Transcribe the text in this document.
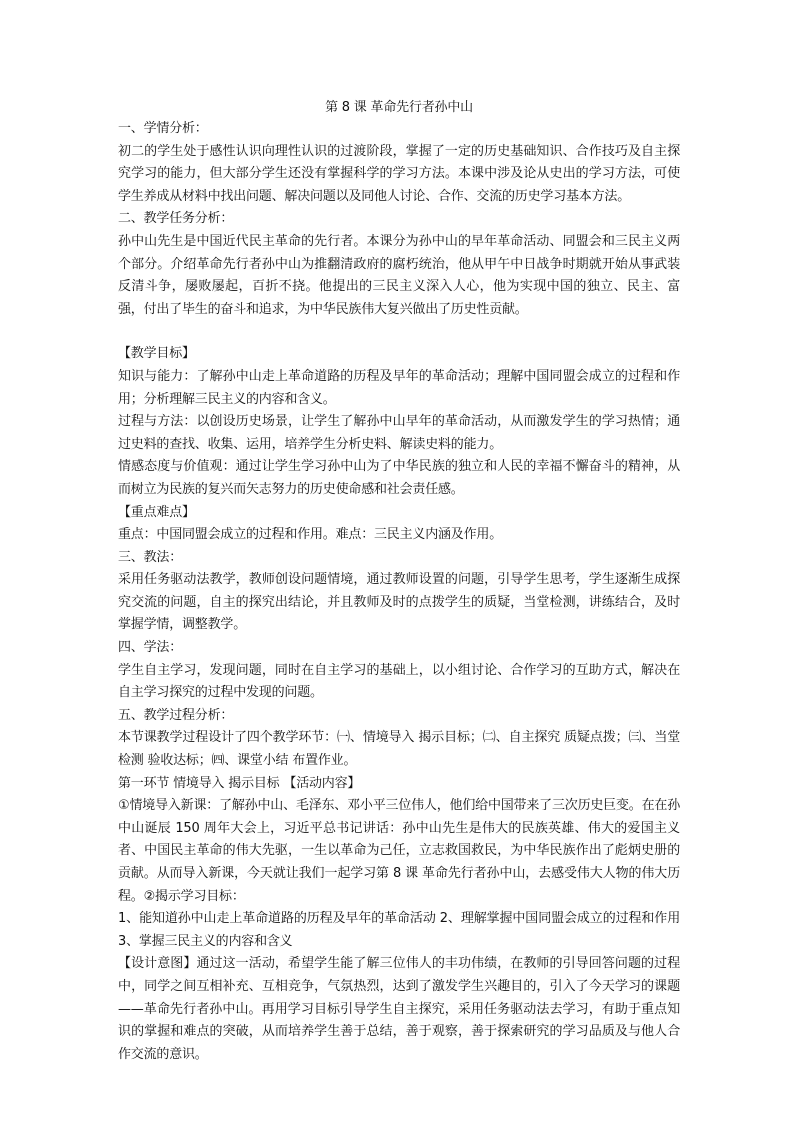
第 8 课 革命先行者孙中山

一、学情分析：

初二的学生处于感性认识向理性认识的过渡阶段，掌握了一定的历史基础知识、合作技巧及自主探究学习的能力，但大部分学生还没有掌握科学的学习方法。本课中涉及论从史出的学习方法，可使学生养成从材料中找出问题、解决问题以及同他人讨论、合作、交流的历史学习基本方法。

二、教学任务分析：

孙中山先生是中国近代民主革命的先行者。本课分为孙中山的早年革命活动、同盟会和三民主义两个部分。介绍革命先行者孙中山为推翻清政府的腐朽统治，他从甲午中日战争时期就开始从事武装反清斗争，屡败屡起，百折不挠。他提出的三民主义深入人心，他为实现中国的独立、民主、富强，付出了毕生的奋斗和追求，为中华民族伟大复兴做出了历史性贡献。

【教学目标】

知识与能力：了解孙中山走上革命道路的历程及早年的革命活动；理解中国同盟会成立的过程和作用；分析理解三民主义的内容和含义。

过程与方法：以创设历史场景，让学生了解孙中山早年的革命活动，从而激发学生的学习热情；通过史料的查找、收集、运用，培养学生分析史料、解读史料的能力。

情感态度与价值观：通过让学生学习孙中山为了中华民族的独立和人民的幸福不懈奋斗的精神，从而树立为民族的复兴而矢志努力的历史使命感和社会责任感。

【重点难点】

重点：中国同盟会成立的过程和作用。难点：三民主义内涵及作用。

三、教法：

采用任务驱动法教学，教师创设问题情境，通过教师设置的问题，引导学生思考，学生逐渐生成探究交流的问题，自主的探究出结论，并且教师及时的点拨学生的质疑，当堂检测，讲练结合，及时掌握学情，调整教学。

四、学法：

学生自主学习，发现问题，同时在自主学习的基础上，以小组讨论、合作学习的互助方式，解决在自主学习探究的过程中发现的问题。

五、教学过程分析：

本节课教学过程设计了四个教学环节：㈠、情境导入 揭示目标；㈡、自主探究 质疑点拨；㈢、当堂检测 验收达标；㈣、课堂小结 布置作业。

第一环节 情境导入 揭示目标 【活动内容】

①情境导入新课：了解孙中山、毛泽东、邓小平三位伟人，他们给中国带来了三次历史巨变。在在孙中山诞辰 150 周年大会上，习近平总书记讲话：孙中山先生是伟大的民族英雄、伟大的爱国主义者、中国民主革命的伟大先驱，一生以革命为己任，立志救国救民，为中华民族作出了彪炳史册的贡献。从而导入新课，今天就让我们一起学习第 8 课 革命先行者孙中山，去感受伟大人物的伟大历程。②揭示学习目标：

1、能知道孙中山走上革命道路的历程及早年的革命活动 2、理解掌握中国同盟会成立的过程和作用 3、掌握三民主义的内容和含义

【设计意图】通过这一活动，希望学生能了解三位伟人的丰功伟绩，在教师的引导回答问题的过程中，同学之间互相补充、互相竞争，气氛热烈，达到了激发学生兴趣目的，引入了今天学习的课题——革命先行者孙中山。再用学习目标引导学生自主探究，采用任务驱动法去学习，有助于重点知识的掌握和难点的突破，从而培养学生善于总结，善于观察，善于探索研究的学习品质及与他人合作交流的意识。
